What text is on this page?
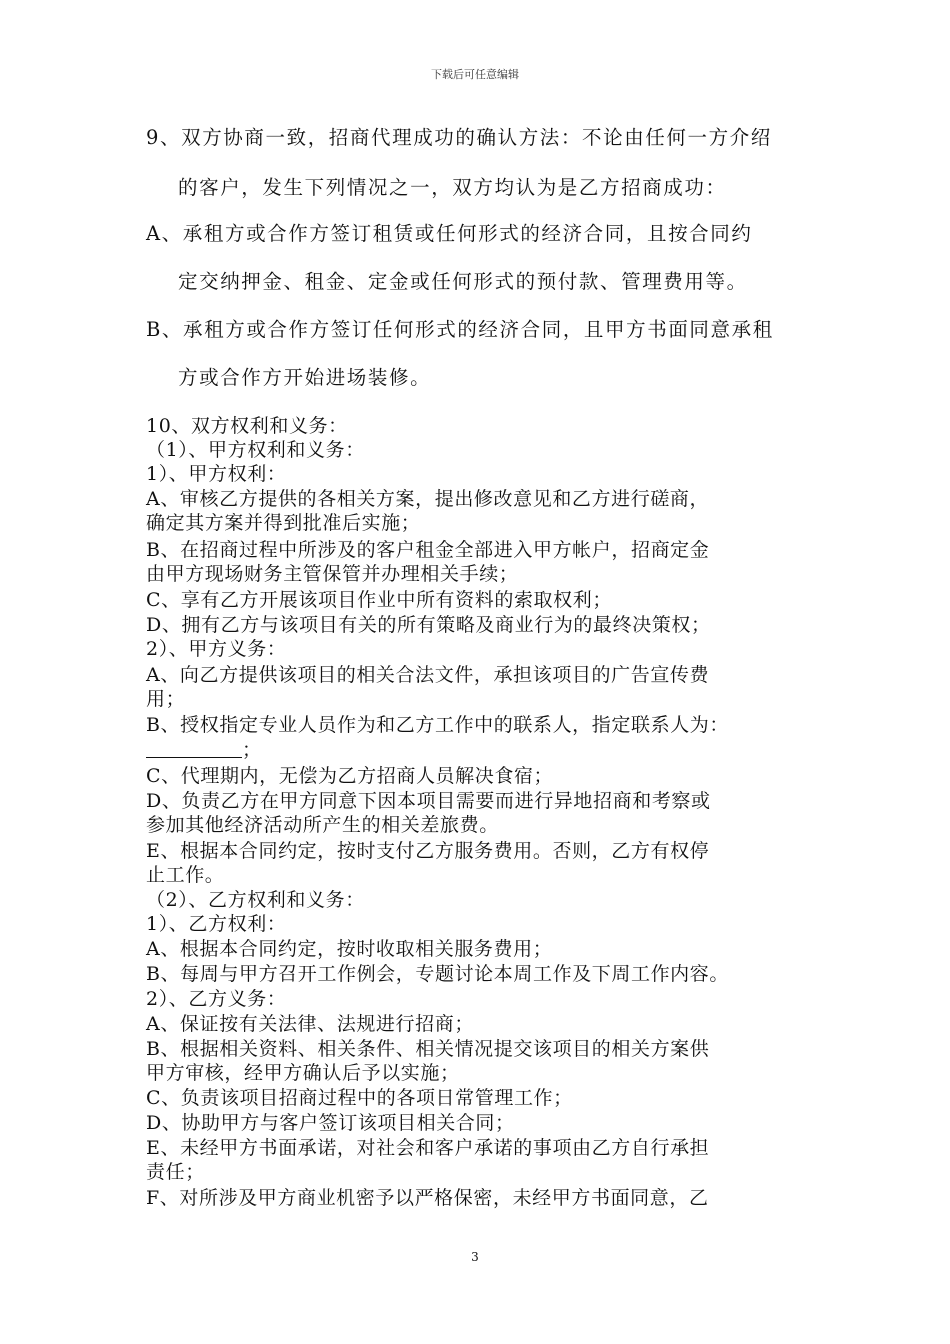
下载后可任意编辑
9、双方协商一致，招商代理成功的确认方法：不论由任何一方介绍
的客户，发生下列情况之一，双方均认为是乙方招商成功：
A、承租方或合作方签订租赁或任何形式的经济合同，且按合同约
定交纳押金、租金、定金或任何形式的预付款、管理费用等。
B、承租方或合作方签订任何形式的经济合同，且甲方书面同意承租
方或合作方开始进场装修。
10、双方权利和义务：
（1）、甲方权利和义务：
1）、甲方权利：
A、审核乙方提供的各相关方案，提出修改意见和乙方进行磋商，
确定其方案并得到批准后实施；
B、在招商过程中所涉及的客户租金全部进入甲方帐户，招商定金
由甲方现场财务主管保管并办理相关手续；
C、享有乙方开展该项目作业中所有资料的索取权利；
D、拥有乙方与该项目有关的所有策略及商业行为的最终决策权；
2）、甲方义务：
A、向乙方提供该项目的相关合法文件，承担该项目的广告宣传费
用；
B、授权指定专业人员作为和乙方工作中的联系人，指定联系人为：
；
C、代理期内，无偿为乙方招商人员解决食宿；
D、负责乙方在甲方同意下因本项目需要而进行异地招商和考察或
参加其他经济活动所产生的相关差旅费。
E、根据本合同约定，按时支付乙方服务费用。否则，乙方有权停
止工作。
（2）、乙方权利和义务：
1）、乙方权利：
A、根据本合同约定，按时收取相关服务费用；
B、每周与甲方召开工作例会，专题讨论本周工作及下周工作内容。
2）、乙方义务：
A、保证按有关法律、法规进行招商；
B、根据相关资料、相关条件、相关情况提交该项目的相关方案供
甲方审核，经甲方确认后予以实施；
C、负责该项目招商过程中的各项日常管理工作；
D、协助甲方与客户签订该项目相关合同；
E、未经甲方书面承诺，对社会和客户承诺的事项由乙方自行承担
责任；
F、对所涉及甲方商业机密予以严格保密，未经甲方书面同意，乙
3
